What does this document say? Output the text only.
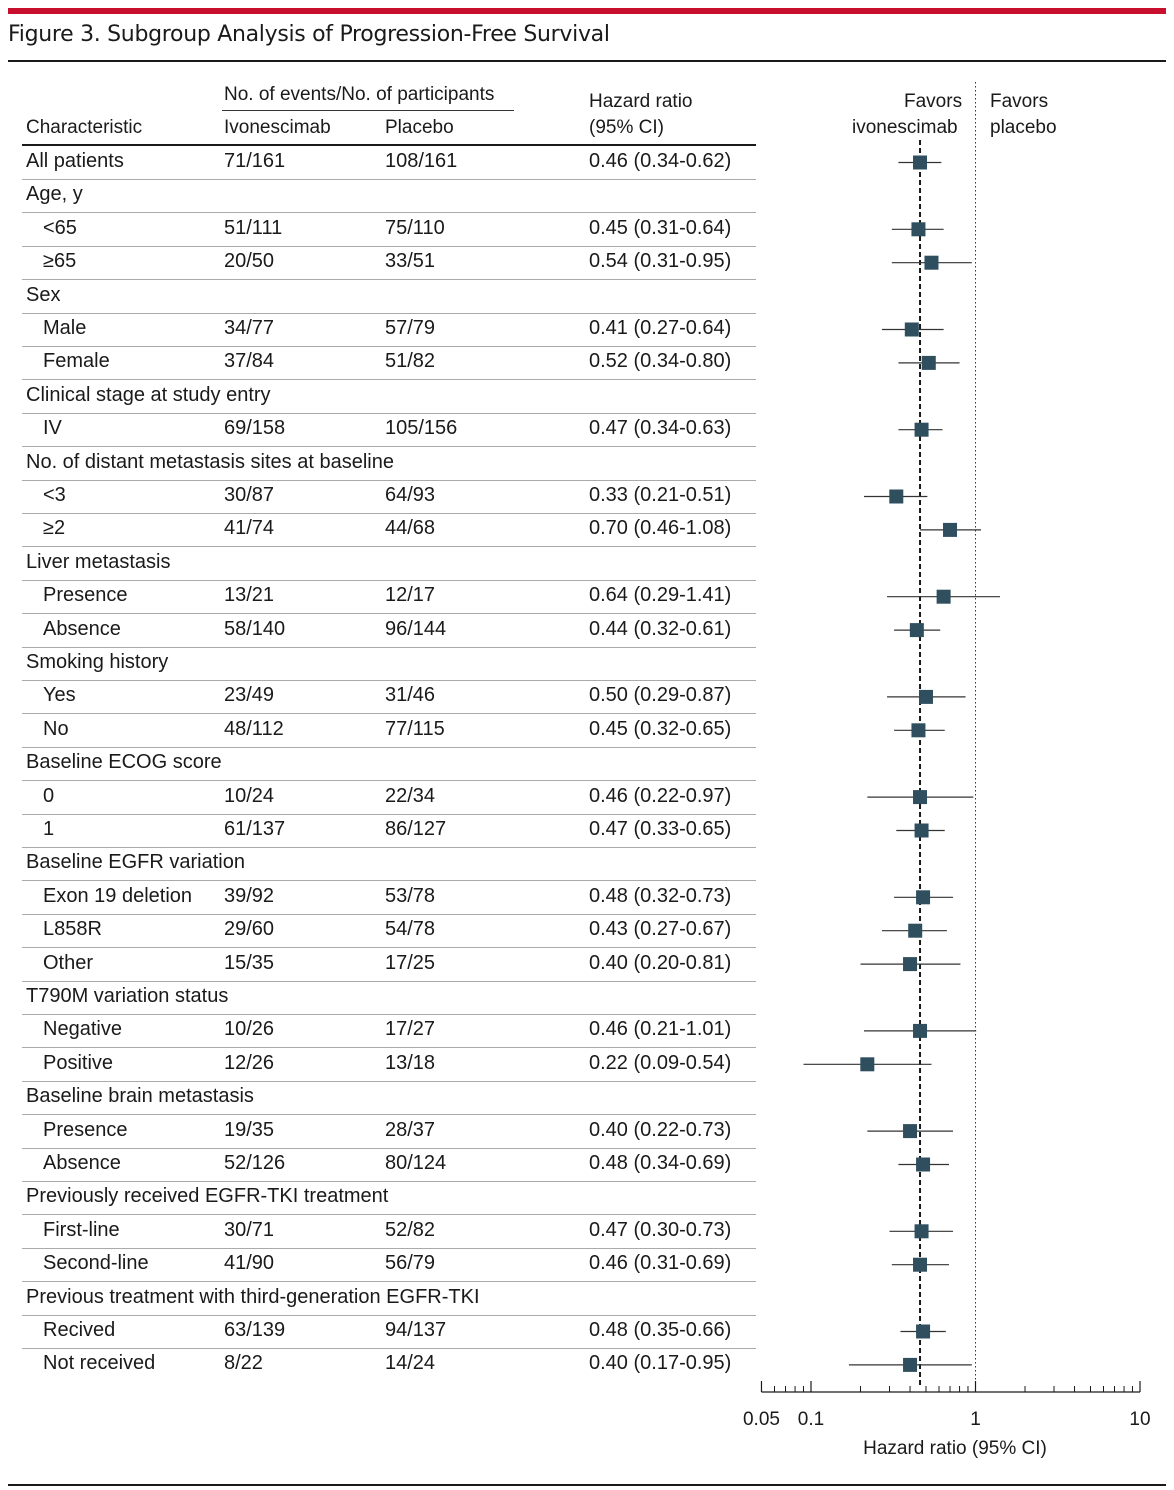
Figure 3. Subgroup Analysis of Progression-Free Survival
No. of events/No. of participants
Characteristic	Ivonescimab	Placebo
Hazard ratio
(95% CI)
Favors
ivonescimab
Favors
placebo
All patients	71/161	108/161	0.46 (0.34-0.62)
Age, y
<65	51/111	75/110	0.45 (0.31-0.64)
≥65	20/50	33/51	0.54 (0.31-0.95)
Sex
Male	34/77	57/79	0.41 (0.27-0.64)
Female	37/84	51/82	0.52 (0.34-0.80)
Clinical stage at study entry
IV	69/158	105/156	0.47 (0.34-0.63)
No. of distant metastasis sites at baseline
<3	30/87	64/93	0.33 (0.21-0.51)
≥2	41/74	44/68	0.70 (0.46-1.08)
Liver metastasis
Presence	13/21	12/17	0.64 (0.29-1.41)
Absence	58/140	96/144	0.44 (0.32-0.61)
Smoking history
Yes	23/49	31/46	0.50 (0.29-0.87)
No	48/112	77/115	0.45 (0.32-0.65)
Baseline ECOG score
0	10/24	22/34	0.46 (0.22-0.97)
1	61/137	86/127	0.47 (0.33-0.65)
Baseline EGFR variation
Exon 19 deletion 39/92	53/78	0.48 (0.32-0.73)
L858R	29/60	54/78	0.43 (0.27-0.67)
Other	15/35	17/25	0.40 (0.20-0.81)
T790M variation status
Negative	10/26	17/27	0.46 (0.21-1.01)
Positive	12/26	13/18	0.22 (0.09-0.54)
Baseline brain metastasis
Presence	19/35	28/37	0.40 (0.22-0.73)
Absence	52/126	80/124	0.48 (0.34-0.69)
Previously received EGFR-TKI treatment
First-line	30/71	52/82	0.47 (0.30-0.73)
Second-line	41/90	56/79	0.46 (0.31-0.69)
Previous treatment with third-generation EGFR-TKI
Recived	63/139	94/137	0.48 (0.35-0.66)
Not received	8/22	14/24	0.40 (0.17-0.95)
0.05 0.1	1	10
Hazard ratio (95% CI)
